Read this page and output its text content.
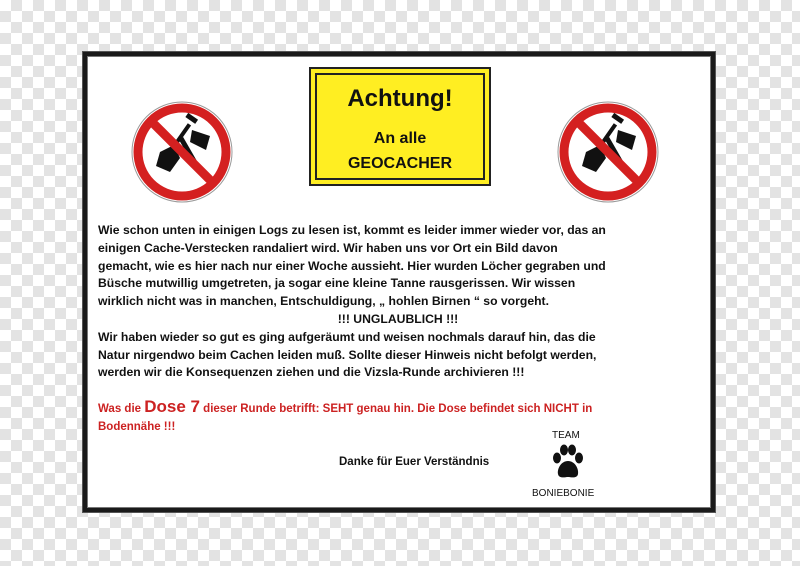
Achtung!
An alle
GEOCACHER
Wie schon unten in einigen Logs zu lesen ist, kommt es leider immer wieder vor, das an
einigen Cache-Verstecken randaliert wird. Wir haben uns vor Ort ein Bild davon
gemacht, wie es hier nach nur einer Woche aussieht. Hier wurden Löcher gegraben und
Büsche mutwillig umgetreten, ja sogar eine kleine Tanne rausgerissen. Wir wissen
wirklich nicht was in manchen, Entschuldigung, „ hohlen Birnen “ so vorgeht.
!!! UNGLAUBLICH !!!
Wir haben wieder so gut es ging aufgeräumt und weisen nochmals darauf hin, das die
Natur nirgendwo beim Cachen leiden muß. Sollte dieser Hinweis nicht befolgt werden,
werden wir die Konsequenzen ziehen und die Vizsla-Runde archivieren !!!
Was die Dose 7 dieser Runde betrifft: SEHT genau hin. Die Dose befindet sich NICHT in
Bodennähe !!!
Danke für Euer Verständnis
TEAM
BONIEBONIE
